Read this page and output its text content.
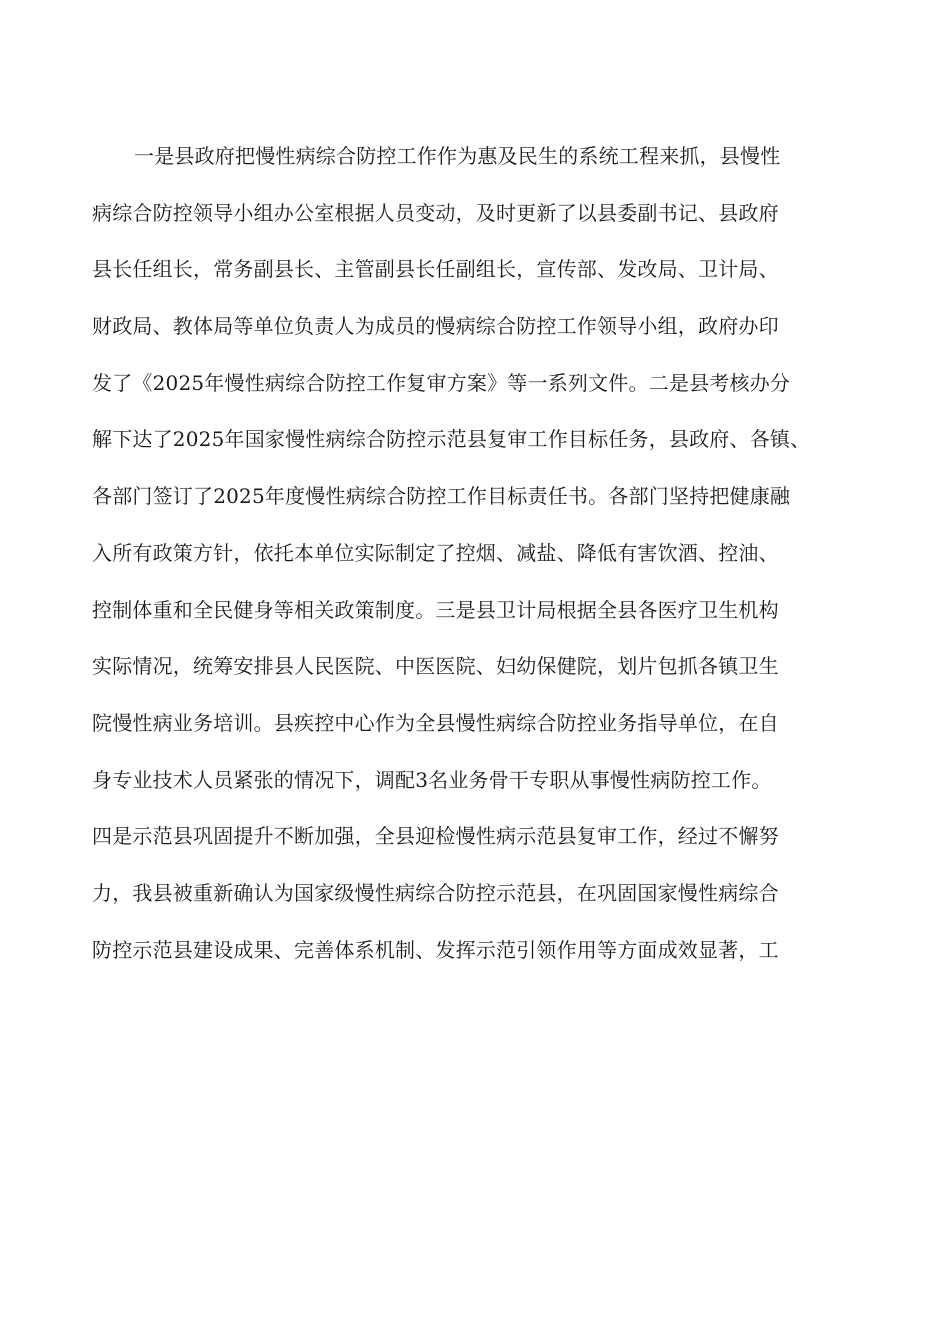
一是县政府把慢性病综合防控工作作为惠及民生的系统工程来抓，县慢性
病综合防控领导小组办公室根据人员变动，及时更新了以县委副书记、县政府
县长任组长，常务副县长、主管副县长任副组长，宣传部、发改局、卫计局、
财政局、教体局等单位负责人为成员的慢病综合防控工作领导小组，政府办印
发了《2025年慢性病综合防控工作复审方案》等一系列文件。二是县考核办分
解下达了2025年国家慢性病综合防控示范县复审工作目标任务，县政府、各镇、
各部门签订了2025年度慢性病综合防控工作目标责任书。各部门坚持把健康融
入所有政策方针，依托本单位实际制定了控烟、减盐、降低有害饮酒、控油、
控制体重和全民健身等相关政策制度。三是县卫计局根据全县各医疗卫生机构
实际情况，统筹安排县人民医院、中医医院、妇幼保健院，划片包抓各镇卫生
院慢性病业务培训。县疾控中心作为全县慢性病综合防控业务指导单位，在自
身专业技术人员紧张的情况下，调配3名业务骨干专职从事慢性病防控工作。
四是示范县巩固提升不断加强，全县迎检慢性病示范县复审工作，经过不懈努
力，我县被重新确认为国家级慢性病综合防控示范县，在巩固国家慢性病综合
防控示范县建设成果、完善体系机制、发挥示范引领作用等方面成效显著，工
